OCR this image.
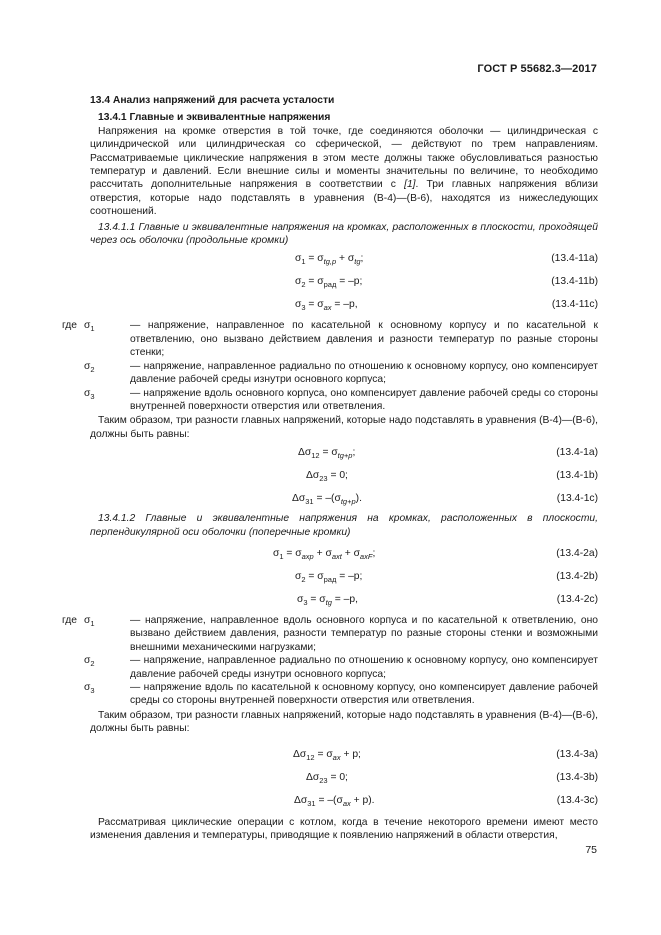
ГОСТ Р 55682.3—2017
13.4 Анализ напряжений для расчета усталости
13.4.1 Главные и эквивалентные напряжения

Напряжения на кромке отверстия в той точке, где соединяются оболочки — цилиндрическая с цилиндрической или цилиндрическая со сферической, — действуют по трем направлениям. Рассматриваемые циклические напряжения в этом месте должны также обусловливаться разностью температур и давлений. Если внешние силы и моменты значительны по величине, то необходимо рассчитать дополнительные напряжения в соответствии с [1]. Три главных напряжения вблизи отверстия, которые надо подставлять в уравнения (В-4)—(В-6), находятся из нижеследующих соотношений.

13.4.1.1 Главные и эквивалентные напряжения на кромках, расположенных в плоскости, проходящей через ось оболочки (продольные кромки)

$\sigma_1 = \sigma_{tg,p} + \sigma_{tg}$;	(13.4-11a)
$\sigma_2 = \sigma_{рад} = -p$;	(13.4-11b)
$\sigma_3 = \sigma_{ax} = -p$,	(13.4-11c)
где $\sigma_1$	— напряжение, направленное по касательной к основному корпусу и по касательной к ответвлению, оно вызвано действием давления и разности температур по разные стороны стенки;
$\sigma_2$	— напряжение, направленное радиально по отношению к основному корпусу, оно компенсирует давление рабочей среды изнутри основного корпуса;
$\sigma_3$	— напряжение вдоль основного корпуса, оно компенсирует давление рабочей среды со стороны внутренней поверхности отверстия или ответвления.

Таким образом, три разности главных напряжений, которые надо подставлять в уравнения (В-4)—(В-6), должны быть равны:

$\Delta\sigma_{12} = \sigma_{tg+p}$;	(13.4-1a)
$\Delta\sigma_{23} = 0$;	(13.4-1b)
$\Delta\sigma_{31} = -(\sigma_{tg+p})$.	(13.4-1c)

13.4.1.2 Главные и эквивалентные напряжения на кромках, расположенных в плоскости, перпендикулярной оси оболочки (поперечные кромки)

$\sigma_1 = \sigma_{axp} + \sigma_{axt} + \sigma_{axF}$;	(13.4-2a)
$\sigma_2 = \sigma_{рад} = -p$;	(13.4-2b)
$\sigma_3 = \sigma_{tg} = -p$,	(13.4-2c)
где $\sigma_1$	— напряжение, направленное вдоль основного корпуса и по касательной к ответвлению, оно вызвано действием давления, разности температур по разные стороны стенки и возможными внешними механическими нагрузками;
$\sigma_2$	— напряжение, направленное радиально по отношению к основному корпусу, оно компенсирует давление рабочей среды изнутри основного корпуса;
$\sigma_3$	— напряжение вдоль по касательной к основному корпусу, оно компенсирует давление рабочей среды со стороны внутренней поверхности отверстия или ответвления.

Таким образом, три разности главных напряжений, которые надо подставлять в уравнения (В-4)—(В-6), должны быть равны:

$\Delta\sigma_{12} = \sigma_{ax} + p$;	(13.4-3a)
$\Delta\sigma_{23} = 0$;	(13.4-3b)
$\Delta\sigma_{31} = -(\sigma_{ax} + p)$.	(13.4-3c)

Рассматривая циклические операции с котлом, когда в течение некоторого времени имеют место изменения давления и температуры, приводящие к появлению напряжений в области отверстия,

75
